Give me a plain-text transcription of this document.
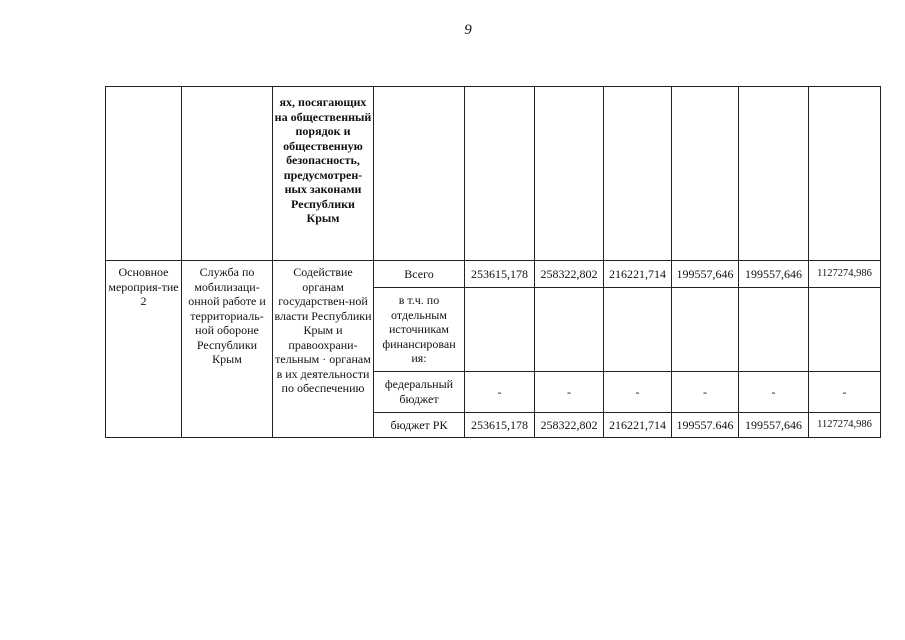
9
		ях, посягающих на общественный порядок и общественную безопасность, предусмотрен-ных законами Республики Крым							
Основное мероприя-тие 2	Служба по мобилизаци-онной работе и территориаль-ной обороне Республики Крым	Содействие органам государствен-ной власти Республики Крым и правоохрани-тельным · органам в их деятельности по обеспечению	Всего	253615,178	258322,802	216221,714	199557,646	199557,646	1127274,986
			в т.ч. по отдельным источникам финансирован ия:						
			федеральный бюджет	-	-	-	-	-	-
			бюджет РК	253615,178	258322,802	216221,714	199557.646	199557,646	1127274,986
